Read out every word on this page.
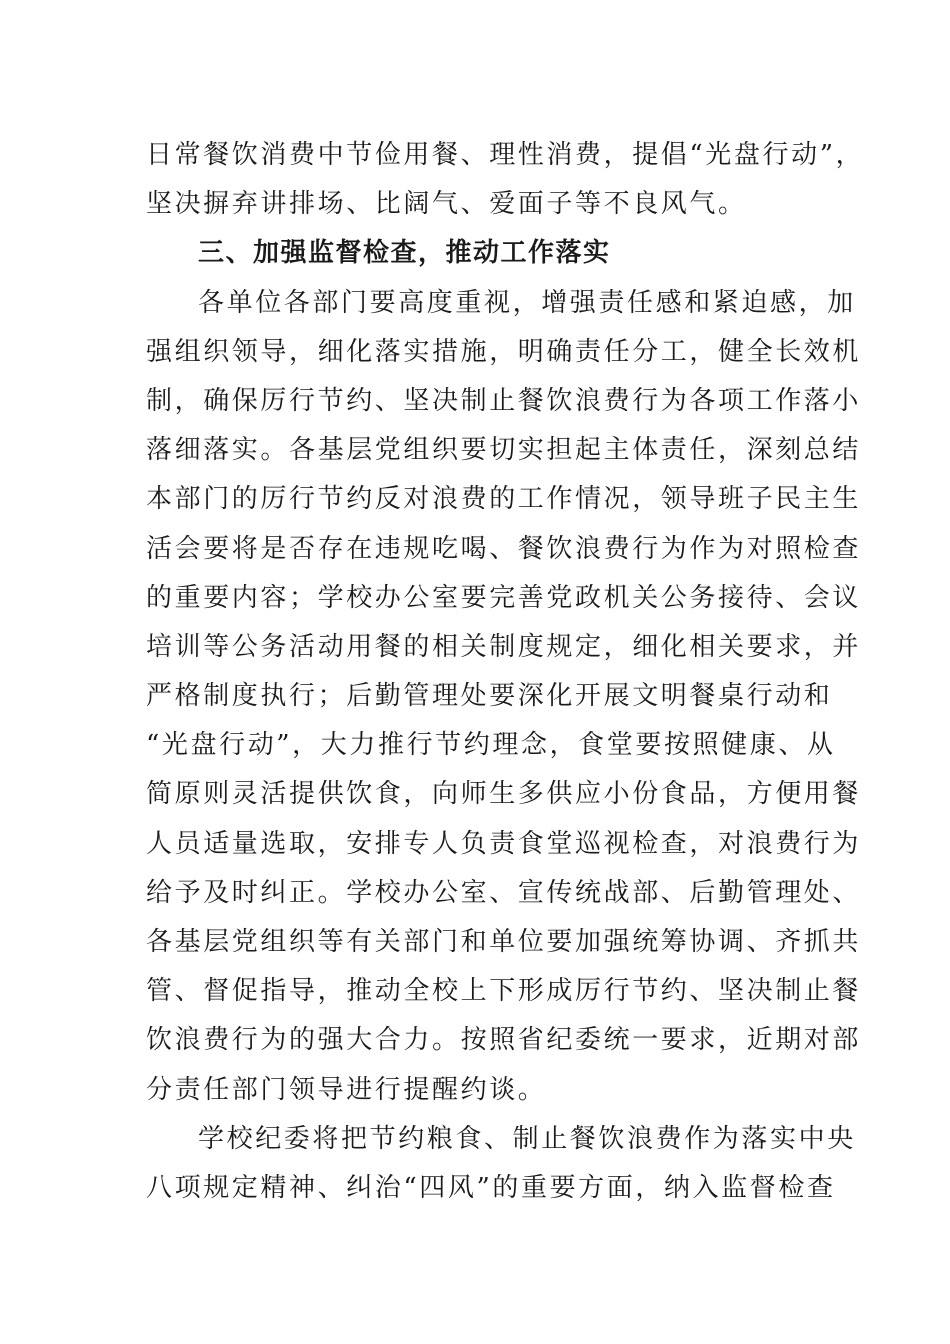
日常餐饮消费中节俭用餐、理性消费，提倡“光盘行动”，
坚决摒弃讲排场、比阔气、爱面子等不良风气。
三、加强监督检查，推动工作落实
各单位各部门要高度重视，增强责任感和紧迫感，加
强组织领导，细化落实措施，明确责任分工，健全长效机
制，确保厉行节约、坚决制止餐饮浪费行为各项工作落小
落细落实。各基层党组织要切实担起主体责任，深刻总结
本部门的厉行节约反对浪费的工作情况，领导班子民主生
活会要将是否存在违规吃喝、餐饮浪费行为作为对照检查
的重要内容；学校办公室要完善党政机关公务接待、会议
培训等公务活动用餐的相关制度规定，细化相关要求，并
严格制度执行；后勤管理处要深化开展文明餐桌行动和
“光盘行动”，大力推行节约理念，食堂要按照健康、从
简原则灵活提供饮食，向师生多供应小份食品，方便用餐
人员适量选取，安排专人负责食堂巡视检查，对浪费行为
给予及时纠正。学校办公室、宣传统战部、后勤管理处、
各基层党组织等有关部门和单位要加强统筹协调、齐抓共
管、督促指导，推动全校上下形成厉行节约、坚决制止餐
饮浪费行为的强大合力。按照省纪委统一要求，近期对部
分责任部门领导进行提醒约谈。
学校纪委将把节约粮食、制止餐饮浪费作为落实中央
八项规定精神、纠治“四风”的重要方面，纳入监督检查
